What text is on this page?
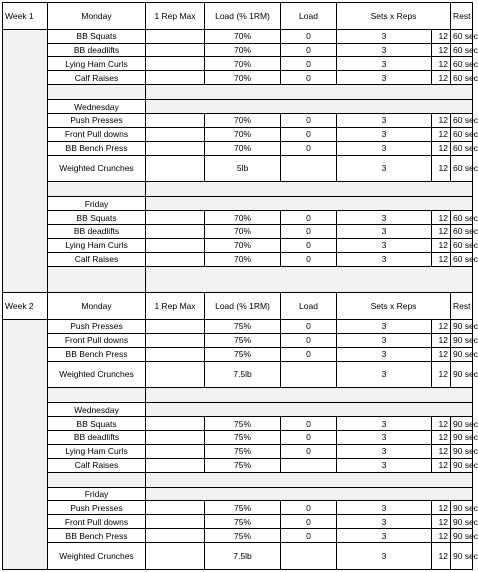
Week 1	Monday	1 Rep Max	Load (% 1RM)	Load	Sets x Reps		Rest
	BB Squats		70%	0	3	12	60 sec
	BB deadlifts		70%	0	3	12	60 sec
	Lying Ham Curls		70%	0	3	12	60 sec
	Calf Raises		70%	0	3	12	60 sec

	Wednesday						
	Push Presses		70%	0	3	12	60 sec
	Front Pull downs		70%	0	3	12	60 sec
	BB Bench Press		70%	0	3	12	60 sec
	Weighted Crunches		5lb		3	12	60 sec

	Friday						
	BB Squats		70%	0	3	12	60 sec
	BB deadlifts		70%	0	3	12	60 sec
	Lying Ham Curls		70%	0	3	12	60 sec
	Calf Raises		70%	0	3	12	60 sec

Week 2	Monday	1 Rep Max	Load (% 1RM)	Load	Sets x Reps		Rest
	Push Presses		75%	0	3	12	90 sec
	Front Pull downs		75%	0	3	12	90 sec
	BB Bench Press		75%	0	3	12	90 sec
	Weighted Crunches		7.5lb		3	12	90 sec

	Wednesday						
	BB Squats		75%	0	3	12	90 sec
	BB deadlifts		75%	0	3	12	90 sec
	Lying Ham Curls		75%	0	3	12	90 sec
	Calf Raises		75%		3	12	90 sec

	Friday						
	Push Presses		75%	0	3	12	90 sec
	Front Pull downs		75%	0	3	12	90 sec
	BB Bench Press		75%	0	3	12	90 sec
	Weighted Crunches		7.5lb		3	12	90 sec
